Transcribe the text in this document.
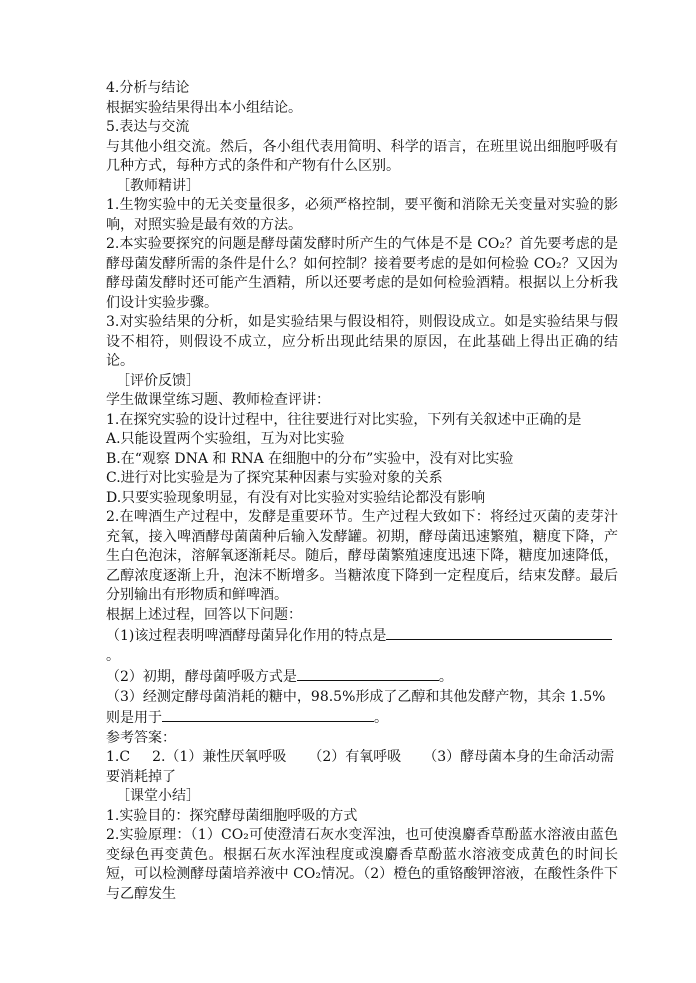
4.分析与结论

根据实验结果得出本小组结论。

5.表达与交流

与其他小组交流。然后，各小组代表用简明、科学的语言，在班里说出细胞呼吸有几种方式，每种方式的条件和产物有什么区别。

［教师精讲］

1.生物实验中的无关变量很多，必须严格控制，要平衡和消除无关变量对实验的影响，对照实验是最有效的方法。

2.本实验要探究的问题是酵母菌发酵时所产生的气体是不是 CO₂？首先要考虑的是酵母菌发酵所需的条件是什么？如何控制？接着要考虑的是如何检验 CO₂？又因为酵母菌发酵时还可能产生酒精，所以还要考虑的是如何检验酒精。根据以上分析我们设计实验步骤。

3.对实验结果的分析，如是实验结果与假设相符，则假设成立。如是实验结果与假设不相符，则假设不成立，应分析出现此结果的原因，在此基础上得出正确的结论。

［评价反馈］

学生做课堂练习题、教师检查评讲：

1.在探究实验的设计过程中，往往要进行对比实验，下列有关叙述中正确的是

A.只能设置两个实验组，互为对比实验

B.在“观察 DNA 和 RNA 在细胞中的分布”实验中，没有对比实验

C.进行对比实验是为了探究某种因素与实验对象的关系

D.只要实验现象明显，有没有对比实验对实验结论都没有影响

2.在啤酒生产过程中，发酵是重要环节。生产过程大致如下：将经过灭菌的麦芽汁充氧，接入啤酒酵母菌菌种后输入发酵罐。初期，酵母菌迅速繁殖，糖度下降，产生白色泡沫，溶解氧逐渐耗尽。随后，酵母菌繁殖速度迅速下降，糖度加速降低，乙醇浓度逐渐上升，泡沫不断增多。当糖浓度下降到一定程度后，结束发酵。最后分别输出有形物质和鲜啤酒。

根据上述过程，回答以下问题：

（1)该过程表明啤酒酵母菌异化作用的特点是。

（2）初期，酵母菌呼吸方式是	。

（3）经测定酵母菌消耗的糖中，98.5%形成了乙醇和其他发酵产物，其余 1.5%则是用于	。

参考答案：

1.C 2.（1）兼性厌氧呼吸 （2）有氧呼吸 （3）酵母菌本身的生命活动需要消耗掉了

［课堂小结］

1.实验目的：探究酵母菌细胞呼吸的方式

2.实验原理：（1）CO₂可使澄清石灰水变浑浊，也可使溴麝香草酚蓝水溶液由蓝色变绿色再变黄色。根据石灰水浑浊程度或溴麝香草酚蓝水溶液变成黄色的时间长短，可以检测酵母菌培养液中 CO₂情况。（2）橙色的重铬酸钾溶液，在酸性条件下与乙醇发生
